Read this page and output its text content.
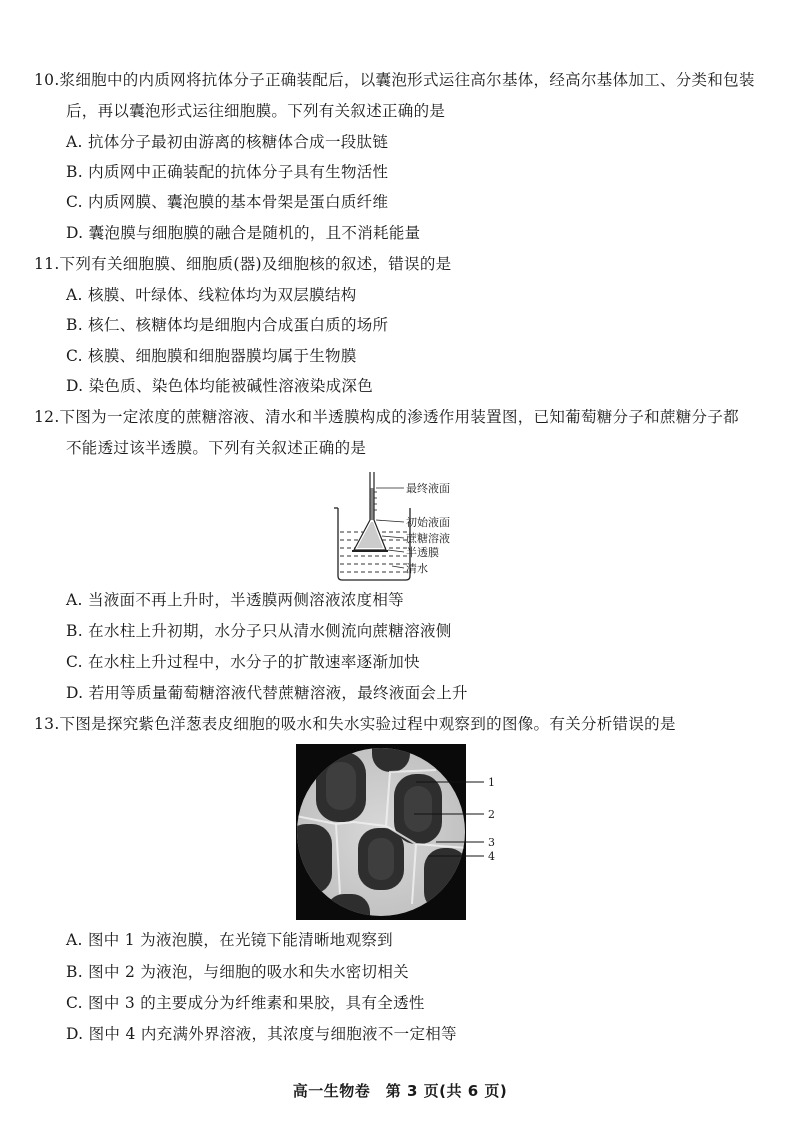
10.浆细胞中的内质网将抗体分子正确装配后，以囊泡形式运往高尔基体，经高尔基体加工、分类和包装
后，再以囊泡形式运往细胞膜。下列有关叙述正确的是
A. 抗体分子最初由游离的核糖体合成一段肽链
B. 内质网中正确装配的抗体分子具有生物活性
C. 内质网膜、囊泡膜的基本骨架是蛋白质纤维
D. 囊泡膜与细胞膜的融合是随机的，且不消耗能量
11.下列有关细胞膜、细胞质(器)及细胞核的叙述，错误的是
A. 核膜、叶绿体、线粒体均为双层膜结构
B. 核仁、核糖体均是细胞内合成蛋白质的场所
C. 核膜、细胞膜和细胞器膜均属于生物膜
D. 染色质、染色体均能被碱性溶液染成深色
12.下图为一定浓度的蔗糖溶液、清水和半透膜构成的渗透作用装置图，已知葡萄糖分子和蔗糖分子都
不能透过该半透膜。下列有关叙述正确的是
最终液面
初始液面
蔗糖溶液
半透膜
清水
A. 当液面不再上升时，半透膜两侧溶液浓度相等
B. 在水柱上升初期，水分子只从清水侧流向蔗糖溶液侧
C. 在水柱上升过程中，水分子的扩散速率逐渐加快
D. 若用等质量葡萄糖溶液代替蔗糖溶液，最终液面会上升
13.下图是探究紫色洋葱表皮细胞的吸水和失水实验过程中观察到的图像。有关分析错误的是
1
2
3
4
A. 图中 1 为液泡膜，在光镜下能清晰地观察到
B. 图中 2 为液泡，与细胞的吸水和失水密切相关
C. 图中 3 的主要成分为纤维素和果胶，具有全透性
D. 图中 4 内充满外界溶液，其浓度与细胞液不一定相等
高一生物卷　第 3 页(共 6 页)
